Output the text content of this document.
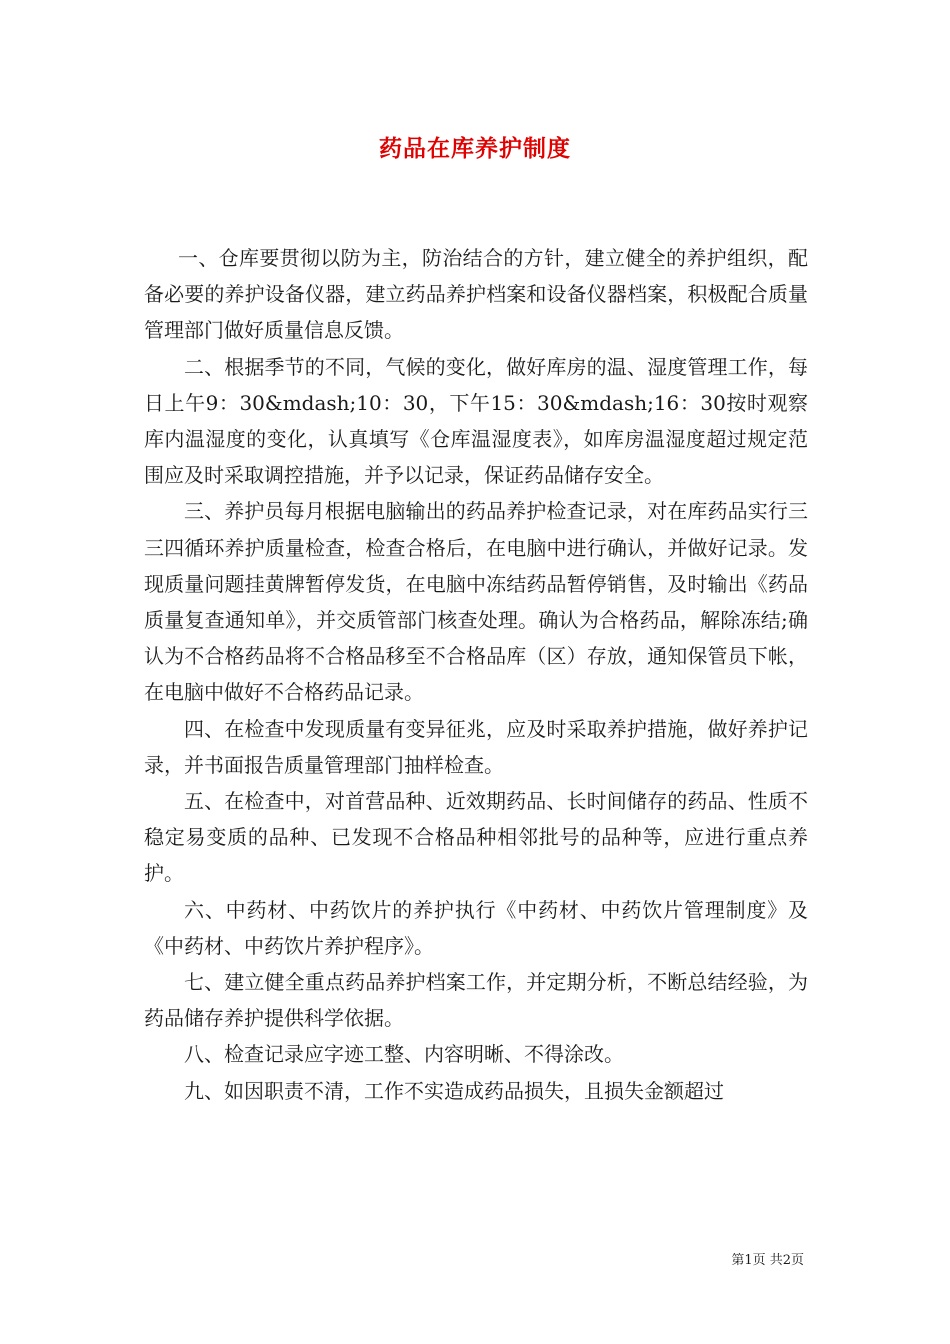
药品在库养护制度

一、仓库要贯彻以防为主，防治结合的方针，建立健全的养护组织，配备必要的养护设备仪器，建立药品养护档案和设备仪器档案，积极配合质量管理部门做好质量信息反馈。

二、根据季节的不同，气候的变化，做好库房的温、湿度管理工作，每日上午9：30&mdash;10：30，下午15：30&mdash;16：30按时观察库内温湿度的变化，认真填写《仓库温湿度表》，如库房温湿度超过规定范围应及时采取调控措施，并予以记录，保证药品储存安全。

三、养护员每月根据电脑输出的药品养护检查记录，对在库药品实行三三四循环养护质量检查，检查合格后，在电脑中进行确认，并做好记录。发现质量问题挂黄牌暂停发货，在电脑中冻结药品暂停销售，及时输出《药品质量复查通知单》，并交质管部门核查处理。确认为合格药品，解除冻结;确认为不合格药品将不合格品移至不合格品库（区）存放，通知保管员下帐，在电脑中做好不合格药品记录。

四、在检查中发现质量有变异征兆，应及时采取养护措施，做好养护记录，并书面报告质量管理部门抽样检查。

五、在检查中，对首营品种、近效期药品、长时间储存的药品、性质不稳定易变质的品种、已发现不合格品种相邻批号的品种等，应进行重点养护。

六、中药材、中药饮片的养护执行《中药材、中药饮片管理制度》及《中药材、中药饮片养护程序》。

七、建立健全重点药品养护档案工作，并定期分析，不断总结经验，为药品储存养护提供科学依据。

八、检查记录应字迹工整、内容明晰、不得涂改。

九、如因职责不清，工作不实造成药品损失，且损失金额超过

第1页 共2页
